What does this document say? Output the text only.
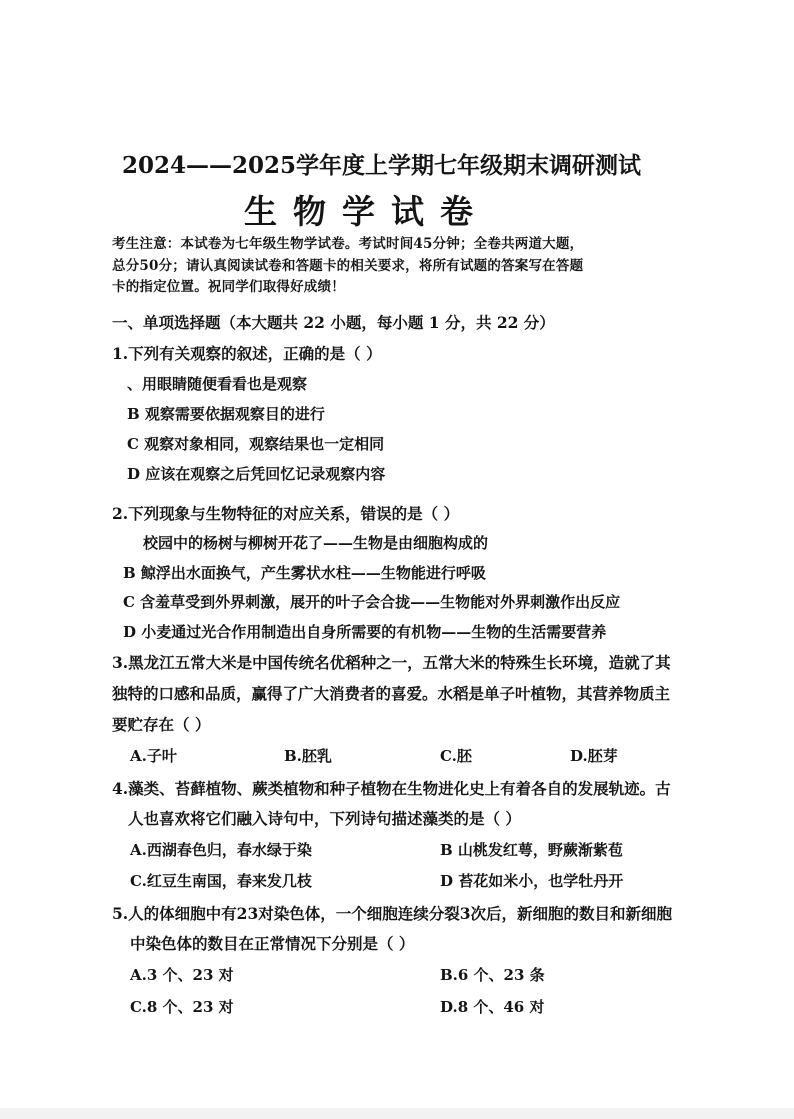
2024——2025学年度上学期七年级期末调研测试
生物学试卷
考生注意：本试卷为七年级生物学试卷。考试时间45分钟；全卷共两道大题，
总分50分；请认真阅读试卷和答题卡的相关要求，将所有试题的答案写在答题
卡的指定位置。祝同学们取得好成绩！
一、单项选择题（本大题共 22 小题，每小题 1 分，共 22 分）
1.下列有关观察的叙述，正确的是（ ）
、用眼睛随便看看也是观察
B 观察需要依据观察目的进行
C 观察对象相同，观察结果也一定相同
D 应该在观察之后凭回忆记录观察内容
2.下列现象与生物特征的对应关系，错误的是（ ）
校园中的杨树与柳树开花了——生物是由细胞构成的
B 鲸浮出水面换气，产生雾状水柱——生物能进行呼吸
C 含羞草受到外界刺激，展开的叶子会合拢——生物能对外界刺激作出反应
D 小麦通过光合作用制造出自身所需要的有机物——生物的生活需要营养
3.黑龙江五常大米是中国传统名优稻种之一，五常大米的特殊生长环境，造就了其
独特的口感和品质，赢得了广大消费者的喜爱。水稻是单子叶植物，其营养物质主
要贮存在（ ）
A.子叶	B.胚乳	C.胚	D.胚芽
4.藻类、苔藓植物、蕨类植物和种子植物在生物进化史上有着各自的发展轨迹。古
人也喜欢将它们融入诗句中，下列诗句描述藻类的是（ ）
A.西湖春色归，春水绿于染	B 山桃发红萼，野蕨渐紫苞
C.红豆生南国，春来发几枝	D 苔花如米小，也学牡丹开
5.人的体细胞中有23对染色体，一个细胞连续分裂3次后，新细胞的数目和新细胞
中染色体的数目在正常情况下分别是（ ）
A.3 个、23 对	B.6 个、23 条
C.8 个、23 对	D.8 个、46 对
